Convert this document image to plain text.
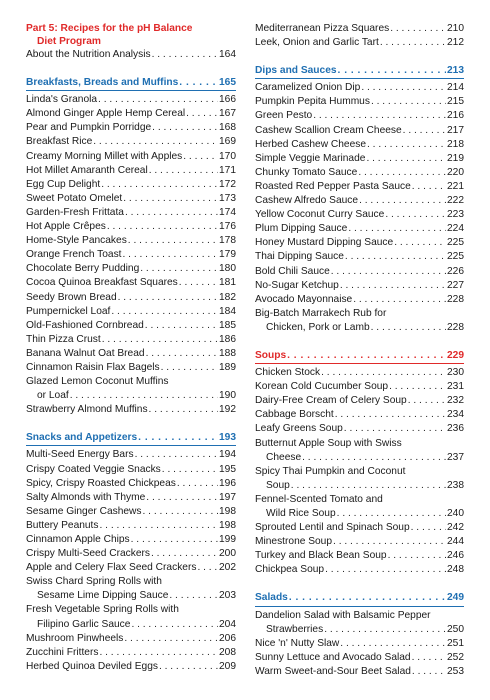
Part 5: Recipes for the pH Balance
Diet Program
About the Nutrition Analysis . . .	164
Breakfasts, Breads and Muffins . . .	165
Linda's Granola . . .	166
Almond Ginger Apple Hemp Cereal . . .	167
Pear and Pumpkin Porridge . . .	168
Breakfast Rice . . .	169
Creamy Morning Millet with Apples . . .	170
Hot Millet Amaranth Cereal . . .	171
Egg Cup Delight . . .	172
Sweet Potato Omelet . . .	173
Garden-Fresh Frittata . . .	174
Hot Apple Crêpes . . .	176
Home-Style Pancakes . . .	178
Orange French Toast . . .	179
Chocolate Berry Pudding . . .	180
Cocoa Quinoa Breakfast Squares . . .	181
Seedy Brown Bread . . .	182
Pumpernickel Loaf . . .	184
Old-Fashioned Cornbread . . .	185
Thin Pizza Crust . . .	186
Banana Walnut Oat Bread . . .	188
Cinnamon Raisin Flax Bagels . . .	189
Glazed Lemon Coconut Muffins
or Loaf . . .	190
Strawberry Almond Muffins . . .	192
Snacks and Appetizers . . .	193
Multi-Seed Energy Bars . . .	194
Crispy Coated Veggie Snacks . . .	195
Spicy, Crispy Roasted Chickpeas . . .	196
Salty Almonds with Thyme . . .	197
Sesame Ginger Cashews . . .	198
Buttery Peanuts . . .	198
Cinnamon Apple Chips . . .	199
Crispy Multi-Seed Crackers . . .	200
Apple and Celery Flax Seed Crackers . . . 202
Swiss Chard Spring Rolls with
Sesame Lime Dipping Sauce . . .	203
Fresh Vegetable Spring Rolls with
Filipino Garlic Sauce . . .	204
Mushroom Pinwheels . . .	206
Zucchini Fritters . . .	208
Herbed Quinoa Deviled Eggs . . .	209
Mediterranean Pizza Squares . . .	210
Leek, Onion and Garlic Tart . . .	212
Dips and Sauces . . .	213
Caramelized Onion Dip . . .	214
Pumpkin Pepita Hummus . . .	215
Green Pesto . . .	216
Cashew Scallion Cream Cheese . . .	217
Herbed Cashew Cheese . . .	218
Simple Veggie Marinade . . .	219
Chunky Tomato Sauce . . .	220
Roasted Red Pepper Pasta Sauce . . .	221
Cashew Alfredo Sauce . . .	222
Yellow Coconut Curry Sauce . . .	223
Plum Dipping Sauce . . .	224
Honey Mustard Dipping Sauce . . .	225
Thai Dipping Sauce . . .	225
Bold Chili Sauce . . .	226
No-Sugar Ketchup . . .	227
Avocado Mayonnaise . . .	228
Big-Batch Marrakech Rub for
Chicken, Pork or Lamb . . .	228
Soups . . .	229
Chicken Stock . . .	230
Korean Cold Cucumber Soup . . .	231
Dairy-Free Cream of Celery Soup . . .	232
Cabbage Borscht . . .	234
Leafy Greens Soup . . .	236
Butternut Apple Soup with Swiss
Cheese . . .	237
Spicy Thai Pumpkin and Coconut
Soup . . .	238
Fennel-Scented Tomato and
Wild Rice Soup . . .	240
Sprouted Lentil and Spinach Soup . . .	242
Minestrone Soup . . .	244
Turkey and Black Bean Soup . . .	246
Chickpea Soup . . .	248
Salads . . .	249
Dandelion Salad with Balsamic Pepper
Strawberries . . .	250
Nice 'n' Nutty Slaw . . .	251
Sunny Lettuce and Avocado Salad . . .	252
Warm Sweet-and-Sour Beet Salad . . .	253
